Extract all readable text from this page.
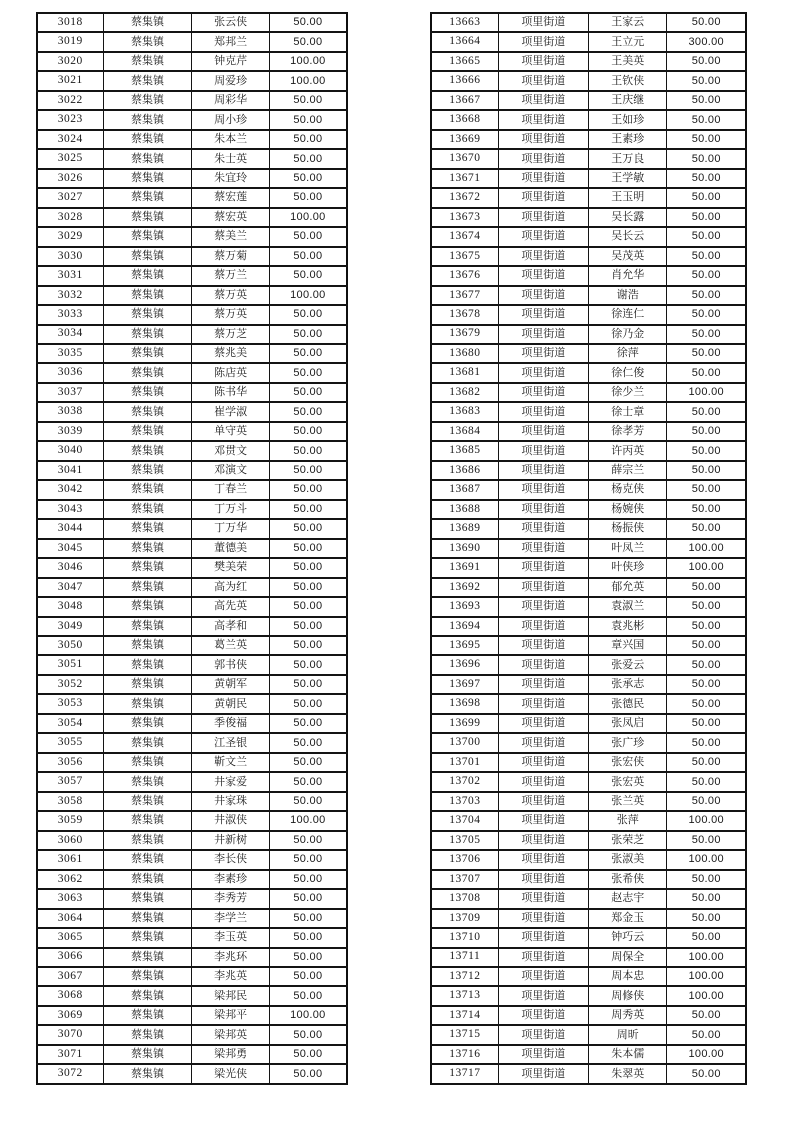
3018	蔡集镇	张云侠	50.00
3019	蔡集镇	郑邦兰	50.00
3020	蔡集镇	钟克芹	100.00
3021	蔡集镇	周爱珍	100.00
3022	蔡集镇	周彩华	50.00
3023	蔡集镇	周小珍	50.00
3024	蔡集镇	朱本兰	50.00
3025	蔡集镇	朱士英	50.00
3026	蔡集镇	朱宜玲	50.00
3027	蔡集镇	蔡宏莲	50.00
3028	蔡集镇	蔡宏英	100.00
3029	蔡集镇	蔡美兰	50.00
3030	蔡集镇	蔡万菊	50.00
3031	蔡集镇	蔡万兰	50.00
3032	蔡集镇	蔡万英	100.00
3033	蔡集镇	蔡万英	50.00
3034	蔡集镇	蔡万芝	50.00
3035	蔡集镇	蔡兆美	50.00
3036	蔡集镇	陈店英	50.00
3037	蔡集镇	陈书华	50.00
3038	蔡集镇	崔学淑	50.00
3039	蔡集镇	单守英	50.00
3040	蔡集镇	邓贯文	50.00
3041	蔡集镇	邓演文	50.00
3042	蔡集镇	丁春兰	50.00
3043	蔡集镇	丁万斗	50.00
3044	蔡集镇	丁万华	50.00
3045	蔡集镇	董德美	50.00
3046	蔡集镇	樊美荣	50.00
3047	蔡集镇	高为红	50.00
3048	蔡集镇	高先英	50.00
3049	蔡集镇	高孝和	50.00
3050	蔡集镇	葛兰英	50.00
3051	蔡集镇	郭书侠	50.00
3052	蔡集镇	黄朝军	50.00
3053	蔡集镇	黄朝民	50.00
3054	蔡集镇	季俊福	50.00
3055	蔡集镇	江圣银	50.00
3056	蔡集镇	靳文兰	50.00
3057	蔡集镇	井家爱	50.00
3058	蔡集镇	井家珠	50.00
3059	蔡集镇	井淑侠	100.00
3060	蔡集镇	井新树	50.00
3061	蔡集镇	李长侠	50.00
3062	蔡集镇	李素珍	50.00
3063	蔡集镇	李秀芳	50.00
3064	蔡集镇	李学兰	50.00
3065	蔡集镇	李玉英	50.00
3066	蔡集镇	李兆环	50.00
3067	蔡集镇	李兆英	50.00
3068	蔡集镇	梁邦民	50.00
3069	蔡集镇	梁邦平	100.00
3070	蔡集镇	梁邦英	50.00
3071	蔡集镇	梁邦勇	50.00
3072	蔡集镇	梁光侠	50.00
13663	项里街道	王家云	50.00
13664	项里街道	王立元	300.00
13665	项里街道	王美英	50.00
13666	项里街道	王钦侠	50.00
13667	项里街道	王庆继	50.00
13668	项里街道	王如珍	50.00
13669	项里街道	王素珍	50.00
13670	项里街道	王万良	50.00
13671	项里街道	王学敏	50.00
13672	项里街道	王玉明	50.00
13673	项里街道	吴长露	50.00
13674	项里街道	吴长云	50.00
13675	项里街道	吴茂英	50.00
13676	项里街道	肖允华	50.00
13677	项里街道	谢浩	50.00
13678	项里街道	徐连仁	50.00
13679	项里街道	徐乃金	50.00
13680	项里街道	徐萍	50.00
13681	项里街道	徐仁俊	50.00
13682	项里街道	徐少兰	100.00
13683	项里街道	徐士章	50.00
13684	项里街道	徐孝芳	50.00
13685	项里街道	许丙英	50.00
13686	项里街道	薛宗兰	50.00
13687	项里街道	杨克侠	50.00
13688	项里街道	杨婉侠	50.00
13689	项里街道	杨振侠	50.00
13690	项里街道	叶凤兰	100.00
13691	项里街道	叶侠珍	100.00
13692	项里街道	郁允英	50.00
13693	项里街道	袁淑兰	50.00
13694	项里街道	袁兆彬	50.00
13695	项里街道	章兴国	50.00
13696	项里街道	张爱云	50.00
13697	项里街道	张承志	50.00
13698	项里街道	张德民	50.00
13699	项里街道	张凤启	50.00
13700	项里街道	张广珍	50.00
13701	项里街道	张宏侠	50.00
13702	项里街道	张宏英	50.00
13703	项里街道	张兰英	50.00
13704	项里街道	张萍	100.00
13705	项里街道	张荣芝	50.00
13706	项里街道	张淑美	100.00
13707	项里街道	张希侠	50.00
13708	项里街道	赵志宇	50.00
13709	项里街道	郑金玉	50.00
13710	项里街道	钟巧云	50.00
13711	项里街道	周保全	100.00
13712	项里街道	周本忠	100.00
13713	项里街道	周修侠	100.00
13714	项里街道	周秀英	50.00
13715	项里街道	周昕	50.00
13716	项里街道	朱本儒	100.00
13717	项里街道	朱翠英	50.00
